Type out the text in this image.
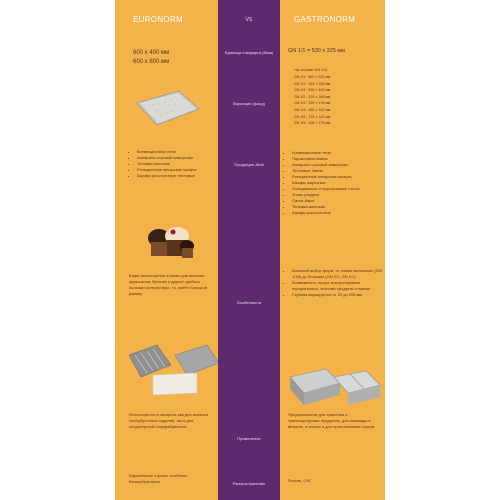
EURONORM
600 х 400 мм
600 х 800 мм
• Конвекционные печи
• Аппараты шоковой заморозки
• Тележки-шпильки
• Ротационные пекарские шкафы
• Шкафы расстоечные тепловые
Шире используется в печах для выпечки круассанов, булочек и другой сдобы в больших количествах, т.к. имеет большой размер
Используются в пекарнях как для выпечки хлебобулочных изделий, так и для кондитерской полуфабрикатов
Европейские страны, особенно Великобритания
VS
Единица стандарта (база)
Вариации (фасд)
Продукция Abat
Особенности
Применение
Распространение
GASTRONORM
GN 1/1 = 530 х 325 мм
На основе GN 1/1:
GN 2/1 : 650 × 530 мм
GN 2/3 : 354 × 325 мм
GN 1/4 : 530 × 162 мм
GN 1/2 : 325 × 265 мм
GN 1/3 : 325 × 176 мм
GN 1/4 : 265 × 162 мм
GN 1/6 : 176 × 162 мм
GN 1/9 : 108 × 176 мм
• Конвекционные печи
• Пароконвектоматы
• Аппараты шоковой заморозки
• Тепловые линии
• Ротационные пекарские шкафы
• Шкафы жарочные
• Холодильные и морозильные столы
• Униас-раздача
• Салат-бары
• Тележки-шпильки
• Шкафы расстоечные
• Больший выбор форм, от самых маленьких (GN 1/18) до больших (GN 2/1, GN 1/1)
• Возможность лучше контролировать порционность, экономя продукты и время
• Глубина варьируется от 20 до 200 мм
Предназначены для хранения и транспортировки продуктов, для выкладки в витрине, в кассах и для приготовления соусов
Россия, СНГ
